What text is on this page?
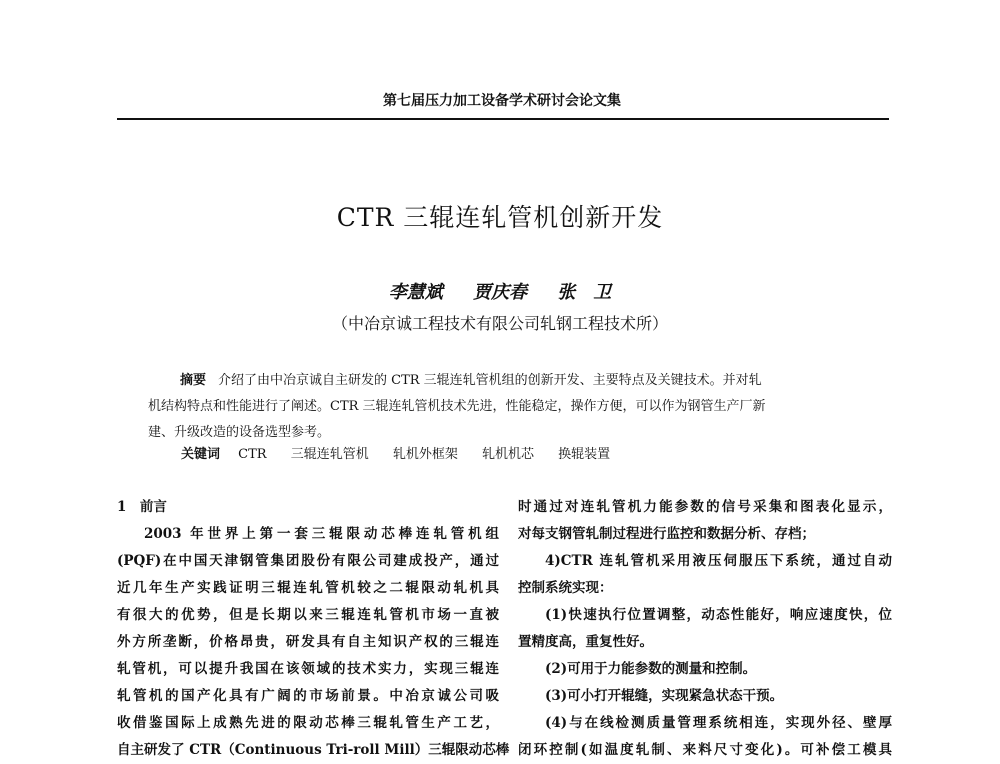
第七届压力加工设备学术研讨会论文集
CTR 三辊连轧管机创新开发
李慧斌 贾庆春 张　卫
（中冶京诚工程技术有限公司轧钢工程技术所）
摘要 介绍了由中冶京诚自主研发的 CTR 三辊连轧管机组的创新开发、主要特点及关键技术。并对轧
机结构特点和性能进行了阐述。CTR 三辊连轧管机技术先进，性能稳定，操作方便，可以作为钢管生产厂新
建、升级改造的设备选型参考。
关键词 CTR 三辊连轧管机 轧机外框架 轧机机芯 换辊装置

1　前言

2003 年世界上第一套三辊限动芯棒连轧管机组

(PQF)在中国天津钢管集团股份有限公司建成投产，通过

近几年生产实践证明三辊连轧管机较之二辊限动轧机具

有很大的优势，但是长期以来三辊连轧管机市场一直被

外方所垄断，价格昂贵，研发具有自主知识产权的三辊连

轧管机，可以提升我国在该领域的技术实力，实现三辊连

轧管机的国产化具有广阔的市场前景。中冶京诚公司吸

收借鉴国际上成熟先进的限动芯棒三辊轧管生产工艺，

自主研发了 CTR（Continuous Tri-roll Mill）三辊限动芯棒

时通过对连轧管机力能参数的信号采集和图表化显示，

对每支钢管轧制过程进行监控和数据分析、存档；

4)CTR 连轧管机采用液压伺服压下系统，通过自动

控制系统实现：

(1)快速执行位置调整，动态性能好，响应速度快，位

置精度高，重复性好。

(2)可用于力能参数的测量和控制。

(3)可小打开辊缝，实现紧急状态干预。

(4)与在线检测质量管理系统相连，实现外径、壁厚

闭环控制(如温度轧制、来料尺寸变化)。可补偿工模具
